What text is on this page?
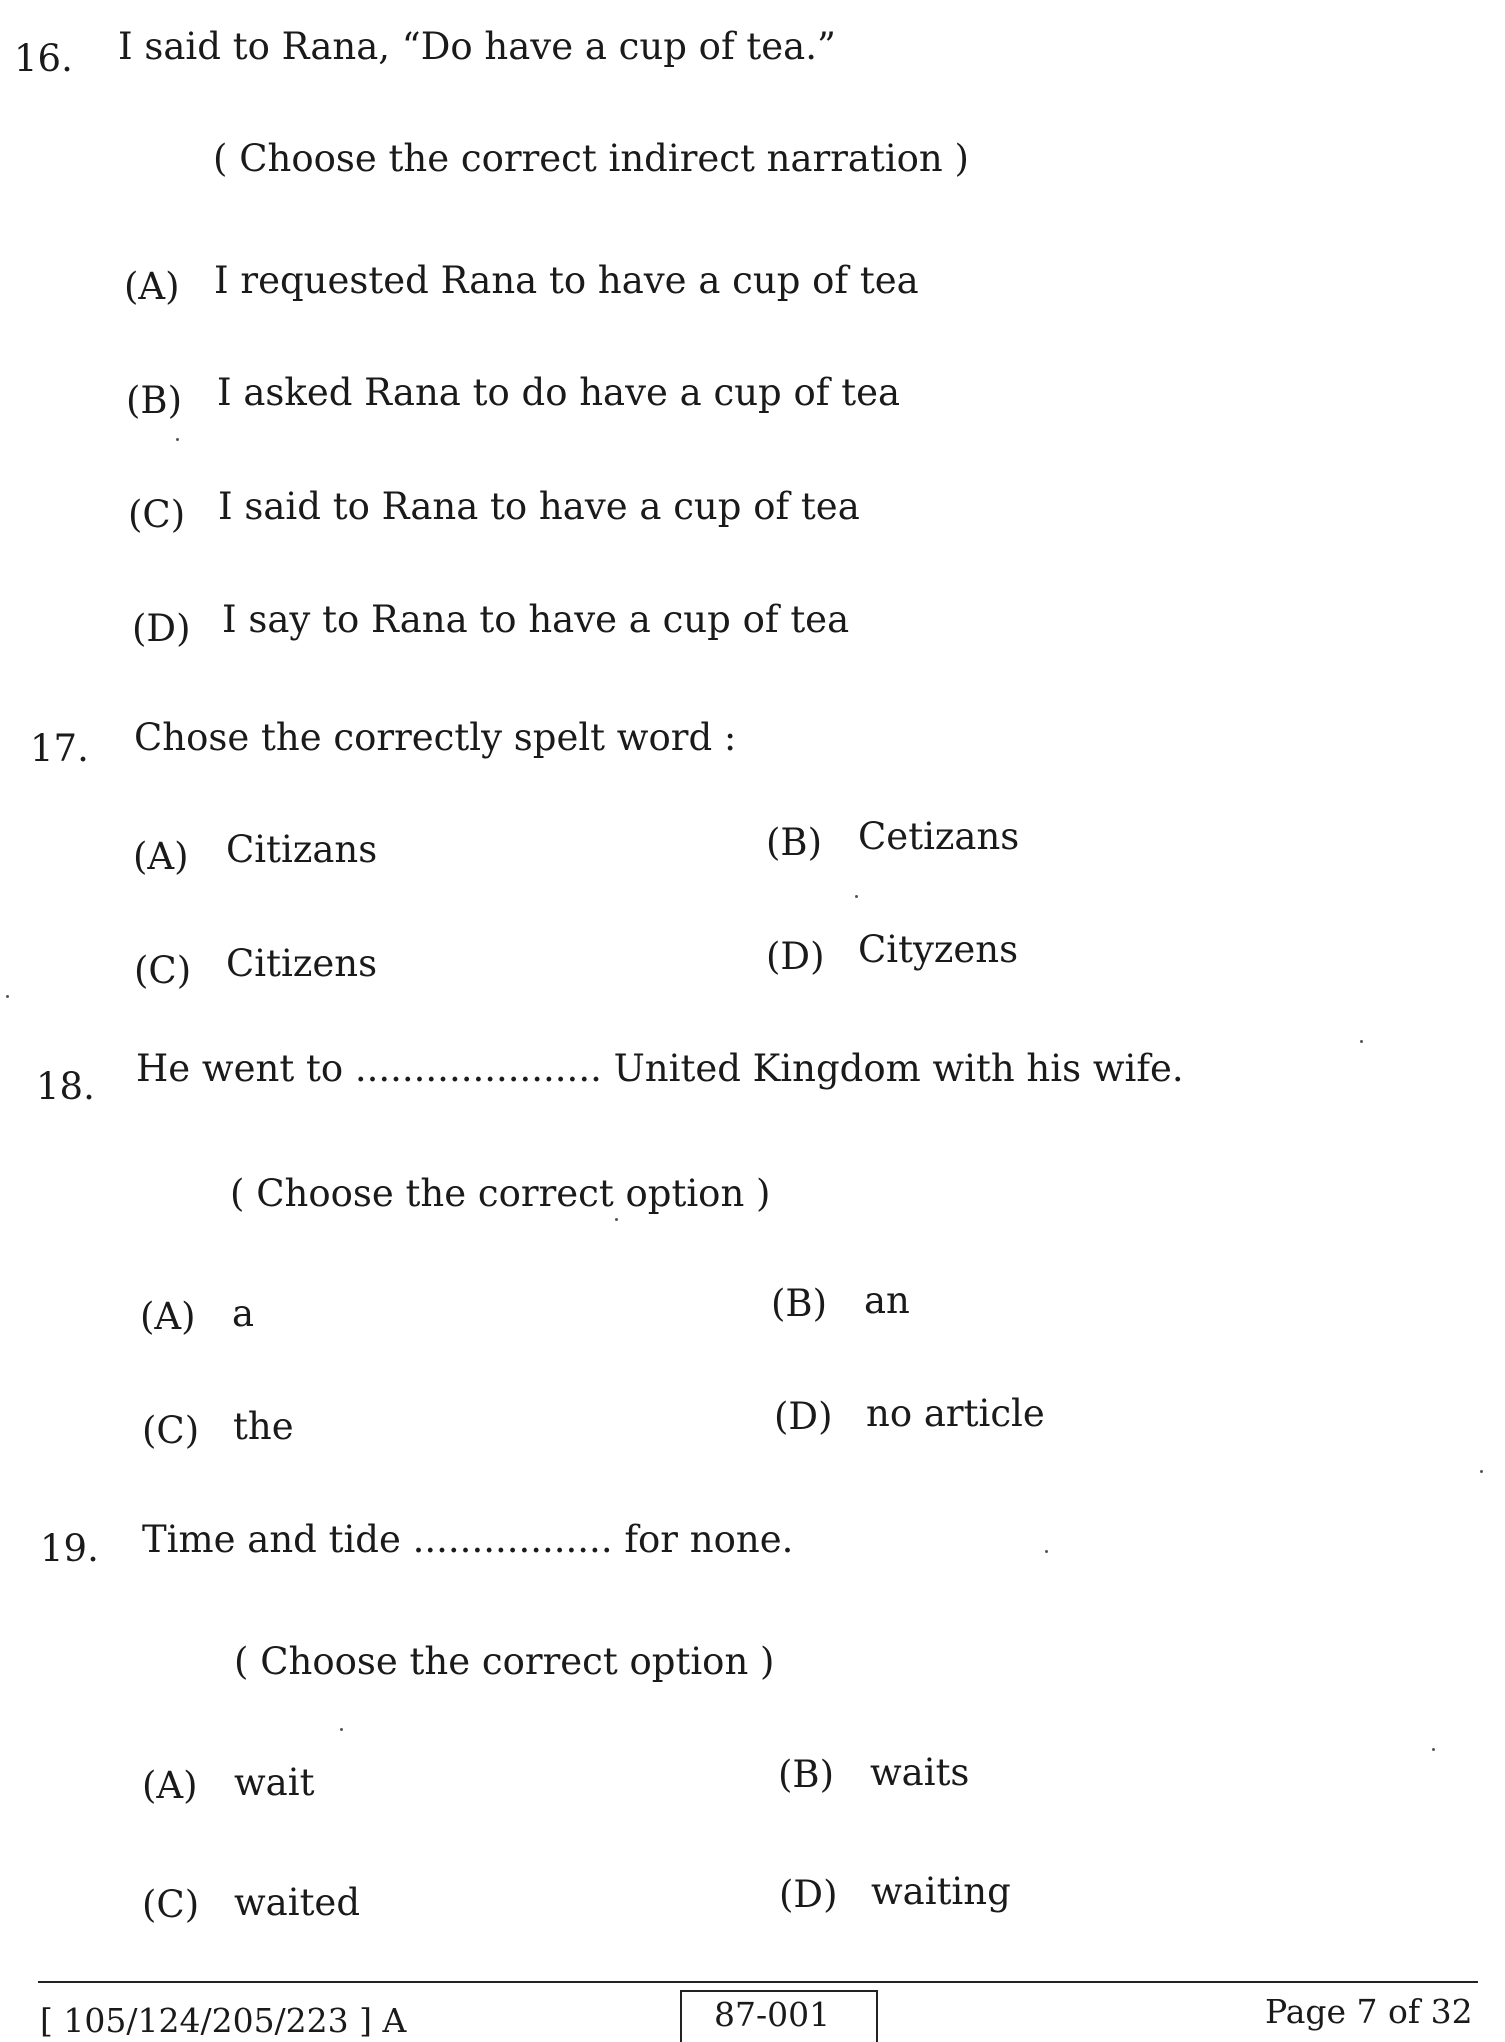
16. I said to Rana, “Do have a cup of tea.”
( Choose the correct indirect narration )
(A) I requested Rana to have a cup of tea
(B) I asked Rana to do have a cup of tea
(C) I said to Rana to have a cup of tea
(D) I say to Rana to have a cup of tea
17. Chose the correctly spelt word :
(A) Citizans	(B) Cetizans
(C) Citizens	(D) Cityzens
18. He went to ..................... United Kingdom with his wife.
( Choose the correct option )
(A) a	(B) an
(C) the	(D) no article
19. Time and tide ................. for none.
( Choose the correct option )
(A) wait	(B) waits
(C) waited	(D) waiting
[ 105/124/205/223 ] A	87-001	Page 7 of 32
